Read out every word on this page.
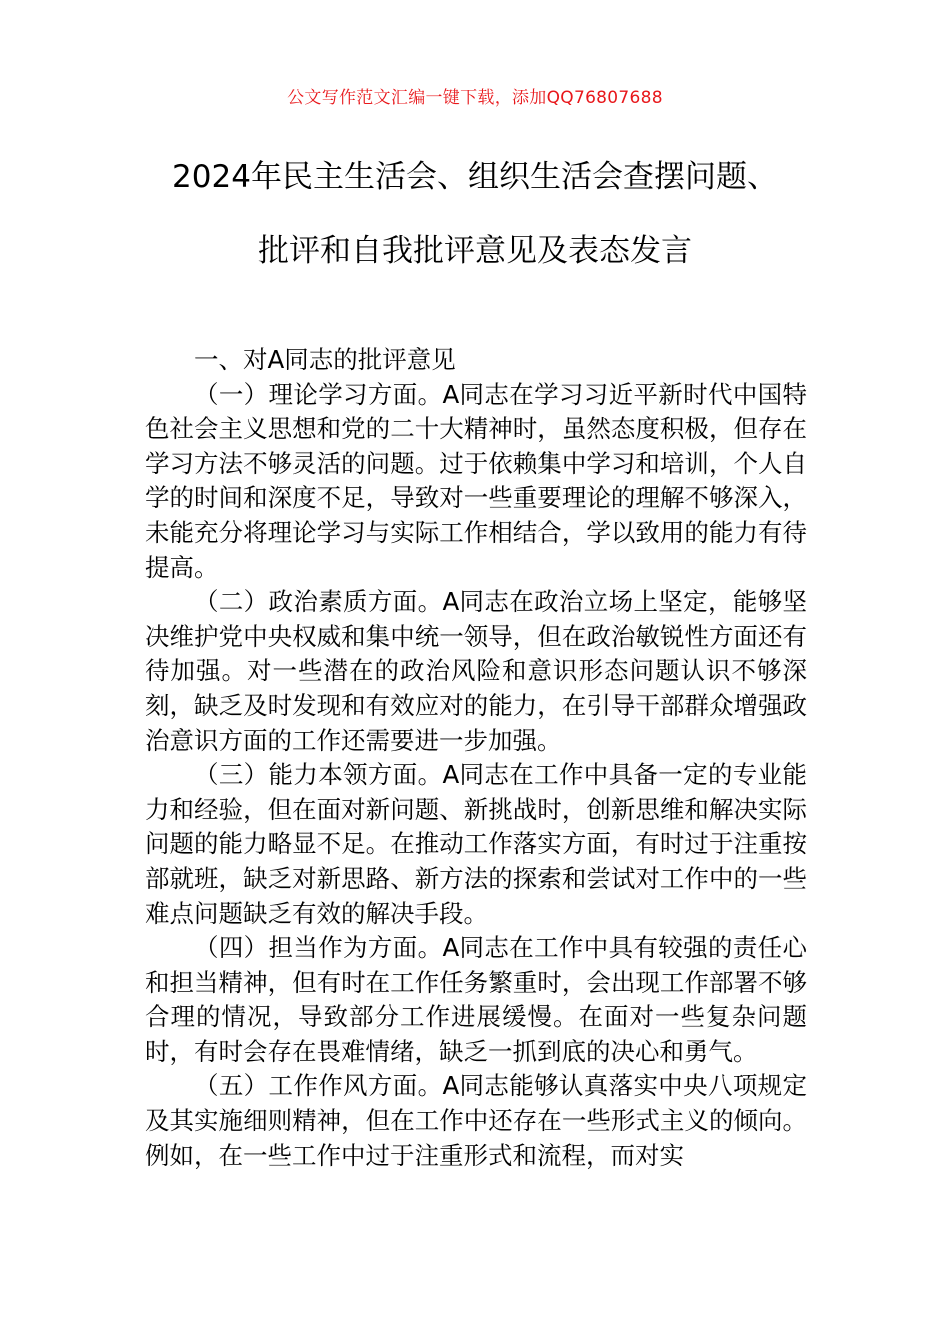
公文写作范文汇编一键下载，添加QQ76807688
2024年民主生活会、组织生活会查摆问题、
批评和自我批评意见及表态发言

一、对A同志的批评意见

（一）理论学习方面。A同志在学习习近平新时代中国特色社会主义思想和党的二十大精神时，虽然态度积极，但存在学习方法不够灵活的问题。过于依赖集中学习和培训，个人自学的时间和深度不足，导致对一些重要理论的理解不够深入，未能充分将理论学习与实际工作相结合，学以致用的能力有待提高。

（二）政治素质方面。A同志在政治立场上坚定，能够坚决维护党中央权威和集中统一领导，但在政治敏锐性方面还有待加强。对一些潜在的政治风险和意识形态问题认识不够深刻，缺乏及时发现和有效应对的能力，在引导干部群众增强政治意识方面的工作还需要进一步加强。

（三）能力本领方面。A同志在工作中具备一定的专业能力和经验，但在面对新问题、新挑战时，创新思维和解决实际问题的能力略显不足。在推动工作落实方面，有时过于注重按部就班，缺乏对新思路、新方法的探索和尝试对工作中的一些难点问题缺乏有效的解决手段。

（四）担当作为方面。A同志在工作中具有较强的责任心和担当精神，但有时在工作任务繁重时，会出现工作部署不够合理的情况，导致部分工作进展缓慢。在面对一些复杂问题时，有时会存在畏难情绪，缺乏一抓到底的决心和勇气。

（五）工作作风方面。A同志能够认真落实中央八项规定及其实施细则精神，但在工作中还存在一些形式主义的倾向。例如，在一些工作中过于注重形式和流程，而对实
